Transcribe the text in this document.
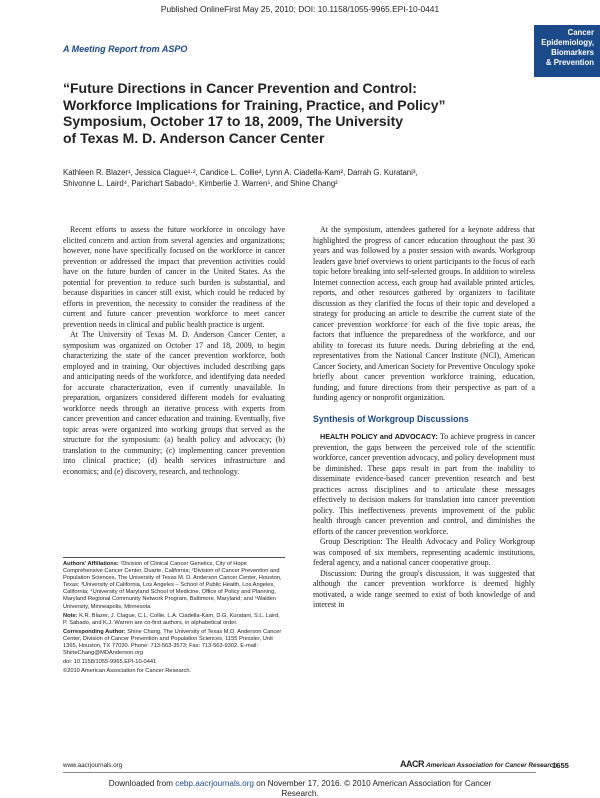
Published OnlineFirst May 25, 2010; DOI: 10.1158/1055-9965.EPI-10-0441
Cancer
Epidemiology,
Biomarkers
& Prevention
A Meeting Report from ASPO
“Future Directions in Cancer Prevention and Control:
Workforce Implications for Training, Practice, and Policy”
Symposium, October 17 to 18, 2009, The University
of Texas M. D. Anderson Cancer Center
Kathleen R. Blazer¹, Jessica Clague¹·², Candice L. Collie², Lynn A. Ciadella-Kam², Darrah G. Kuratani³,
Shivonne L. Laird⁴, Parichart Sabado⁵, Kimberlie J. Warren⁵, and Shine Chang²

Recent efforts to assess the future workforce in oncology have elicited concern and action from several agencies and organizations; however, none have specifically focused on the workforce in cancer prevention or addressed the impact that prevention activities could have on the future burden of cancer in the United States. As the potential for prevention to reduce such burden is substantial, and because disparities in cancer still exist, which could be reduced by efforts in prevention, the necessity to consider the readiness of the current and future cancer prevention workforce to meet cancer prevention needs in clinical and public health practice is urgent.

At The University of Texas M. D. Anderson Cancer Center, a symposium was organized on October 17 and 18, 2009, to begin characterizing the state of the cancer prevention workforce, both employed and in training. Our objectives included describing gaps and anticipating needs of the workforce, and identifying data needed for accurate characterization, even if currently unavailable. In preparation, organizers considered different models for evaluating workforce needs through an iterative process with experts from cancer prevention and cancer education and training. Eventually, five topic areas were organized into working groups that served as the structure for the symposium: (a) health policy and advocacy; (b) translation to the community; (c) implementing cancer prevention into clinical practice; (d) health services infrastructure and economics; and (e) discovery, research, and technology.

At the symposium, attendees gathered for a keynote address that highlighted the progress of cancer education throughout the past 30 years and was followed by a poster session with awards. Workgroup leaders gave brief overviews to orient participants to the focus of each topic before breaking into self-selected groups. In addition to wireless Internet connection access, each group had available printed articles, reports, and other resources gathered by organizers to facilitate discussion as they clarified the focus of their topic and developed a strategy for producing an article to describe the current state of the cancer prevention workforce for each of the five topic areas, the factors that influence the preparedness of the workforce, and our ability to forecast its future needs. During debriefing at the end, representatives from the National Cancer Institute (NCI), American Cancer Society, and American Society for Preventive Oncology spoke briefly about cancer prevention workforce training, education, funding, and future directions from their perspective as part of a funding agency or nonprofit organization.

Synthesis of Workgroup Discussions

HEALTH POLICY and ADVOCACY: To achieve progress in cancer prevention, the gaps between the perceived role of the scientific workforce, cancer prevention advocacy, and policy development must be diminished. These gaps result in part from the inability to disseminate evidence-based cancer prevention research and best practices across disciplines and to articulate these messages effectively to decision makers for translation into cancer prevention policy. This ineffectiveness prevents improvement of the public health through cancer prevention and control, and diminishes the efforts of the cancer prevention workforce.

Group Description: The Health Advocacy and Policy Workgroup was composed of six members, representing academic institutions, federal agency, and a national cancer cooperative group.

Discussion: During the group's discussion, it was suggested that although the cancer prevention workforce is deemed highly motivated, a wide range seemed to exist of both knowledge of and interest in

Authors' Affiliations: ¹Division of Clinical Cancer Genetics, City of Hope Comprehensive Cancer Center, Duarte, California; ²Division of Cancer Prevention and Population Sciences, The University of Texas M. D. Anderson Cancer Center, Houston, Texas; ³University of California, Los Angeles – School of Public Health, Los Angeles, California; ⁴University of Maryland School of Medicine, Office of Policy and Planning, Maryland Regional Community Network Program, Baltimore, Maryland; and ⁵Walden University, Minneapolis, Minnesota

Note: K.R. Blazer, J. Clague, C.L. Collie, L.A. Ciadella-Kam, D.G. Kuratani, S.L. Laird, P. Sabado, and K.J. Warren are co-first authors, in alphabetical order.

Corresponding Author: Shine Chang, The University of Texas M.D. Anderson Cancer Center, Division of Cancer Prevention and Population Sciences, 1155 Pressler, Unit 1365, Houston, TX 77030. Phone: 713-563-3573; Fax: 713-563-9302. E-mail: ShineChang@MDAnderson.org

doi: 10.1158/1055-9965.EPI-10-0441

©2010 American Association for Cancer Research.

www.aacrjournals.org	AACR American Association for Cancer Research
1655
Downloaded from cebp.aacrjournals.org on November 17, 2016. © 2010 American Association for Cancer
Research.
